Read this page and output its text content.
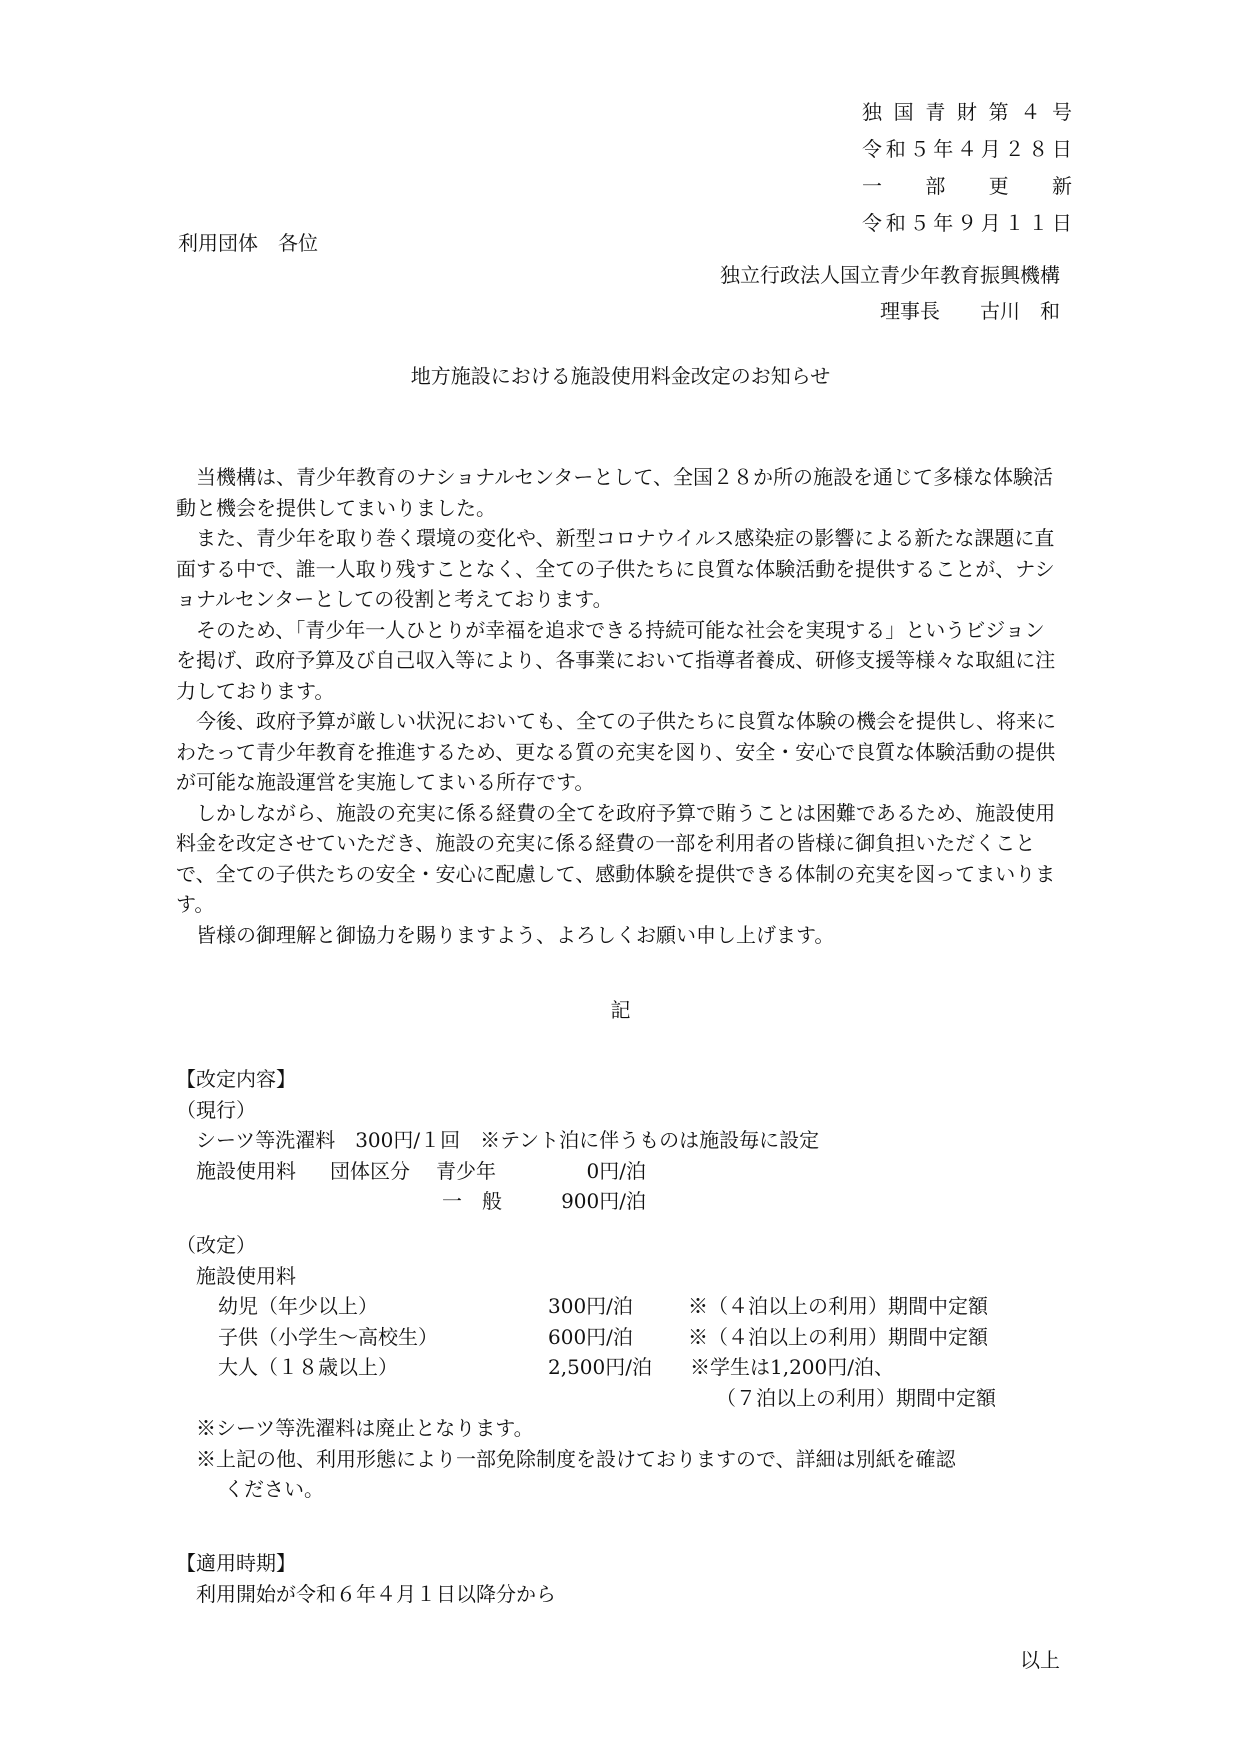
独国青財第４号
令和５年４月２８日
一　部　更　新
令和５年９月１１日
利用団体　各位
独立行政法人国立青少年教育振興機構
理事長　　古川　和
地方施設における施設使用料金改定のお知らせ

当機構は、青少年教育のナショナルセンターとして、全国２８か所の施設を通じて多様な体験活動と機会を提供してまいりました。

また、青少年を取り巻く環境の変化や、新型コロナウイルス感染症の影響による新たな課題に直面する中で、誰一人取り残すことなく、全ての子供たちに良質な体験活動を提供することが、ナショナルセンターとしての役割と考えております。

そのため、「青少年一人ひとりが幸福を追求できる持続可能な社会を実現する」というビジョンを掲げ、政府予算及び自己収入等により、各事業において指導者養成、研修支援等様々な取組に注力しております。

今後、政府予算が厳しい状況においても、全ての子供たちに良質な体験の機会を提供し、将来にわたって青少年教育を推進するため、更なる質の充実を図り、安全・安心で良質な体験活動の提供が可能な施設運営を実施してまいる所存です。

しかしながら、施設の充実に係る経費の全てを政府予算で賄うことは困難であるため、施設使用料金を改定させていただき、施設の充実に係る経費の一部を利用者の皆様に御負担いただくことで、全ての子供たちの安全・安心に配慮して、感動体験を提供できる体制の充実を図ってまいります。

皆様の御理解と御協力を賜りますよう、よろしくお願い申し上げます。

記
【改定内容】
（現行）
シーツ等洗濯料　300円/１回　※テント泊に伴うものは施設毎に設定
施設使用料 団体区分 青少年	0円/泊
一　般	900円/泊
（改定）
施設使用料
幼児（年少以上）	300円/泊	※（４泊以上の利用）期間中定額
子供（小学生～高校生）	600円/泊	※（４泊以上の利用）期間中定額
大人（１８歳以上）	2,500円/泊 ※学生は1,200円/泊、
（７泊以上の利用）期間中定額
※シーツ等洗濯料は廃止となります。
※上記の他、利用形態により一部免除制度を設けておりますので、詳細は別紙を確認
ください。
【適用時期】
利用開始が令和６年４月１日以降分から
以上
